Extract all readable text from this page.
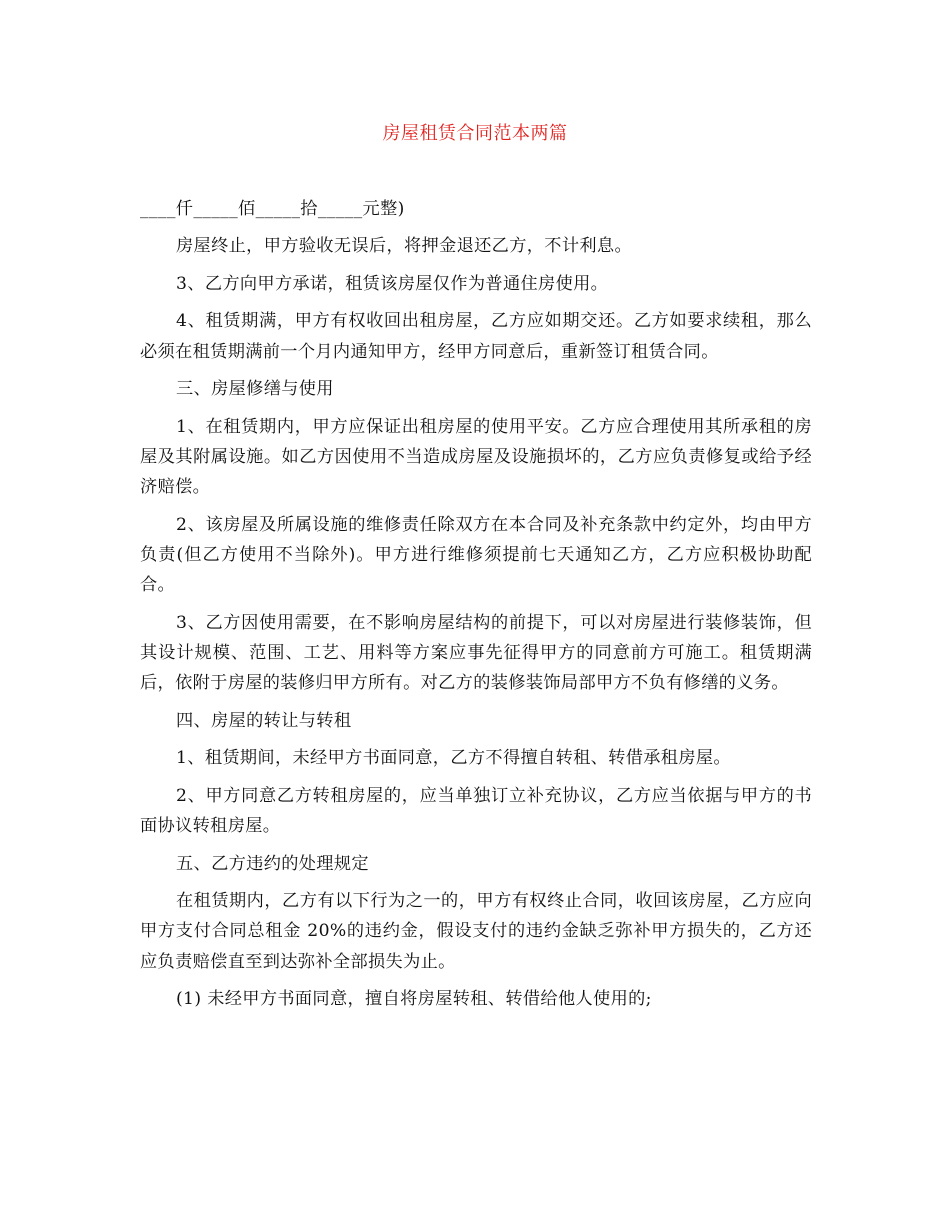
房屋租赁合同范本两篇

____仟_____佰_____拾_____元整)

房屋终止，甲方验收无误后，将押金退还乙方，不计利息。

3、乙方向甲方承诺，租赁该房屋仅作为普通住房使用。

4、租赁期满，甲方有权收回出租房屋，乙方应如期交还。乙方如要求续租，那么必须在租赁期满前一个月内通知甲方，经甲方同意后，重新签订租赁合同。

三、房屋修缮与使用

1、在租赁期内，甲方应保证出租房屋的使用平安。乙方应合理使用其所承租的房屋及其附属设施。如乙方因使用不当造成房屋及设施损坏的，乙方应负责修复或给予经济赔偿。

2、该房屋及所属设施的维修责任除双方在本合同及补充条款中约定外，均由甲方负责(但乙方使用不当除外)。甲方进行维修须提前七天通知乙方，乙方应积极协助配合。

3、乙方因使用需要，在不影响房屋结构的前提下，可以对房屋进行装修装饰，但其设计规模、范围、工艺、用料等方案应事先征得甲方的同意前方可施工。租赁期满后，依附于房屋的装修归甲方所有。对乙方的装修装饰局部甲方不负有修缮的义务。

四、房屋的转让与转租

1、租赁期间，未经甲方书面同意，乙方不得擅自转租、转借承租房屋。

2、甲方同意乙方转租房屋的，应当单独订立补充协议，乙方应当依据与甲方的书面协议转租房屋。

五、乙方违约的处理规定

在租赁期内，乙方有以下行为之一的，甲方有权终止合同，收回该房屋，乙方应向甲方支付合同总租金 20%的违约金，假设支付的违约金缺乏弥补甲方损失的，乙方还应负责赔偿直至到达弥补全部损失为止。

(1) 未经甲方书面同意，擅自将房屋转租、转借给他人使用的;
